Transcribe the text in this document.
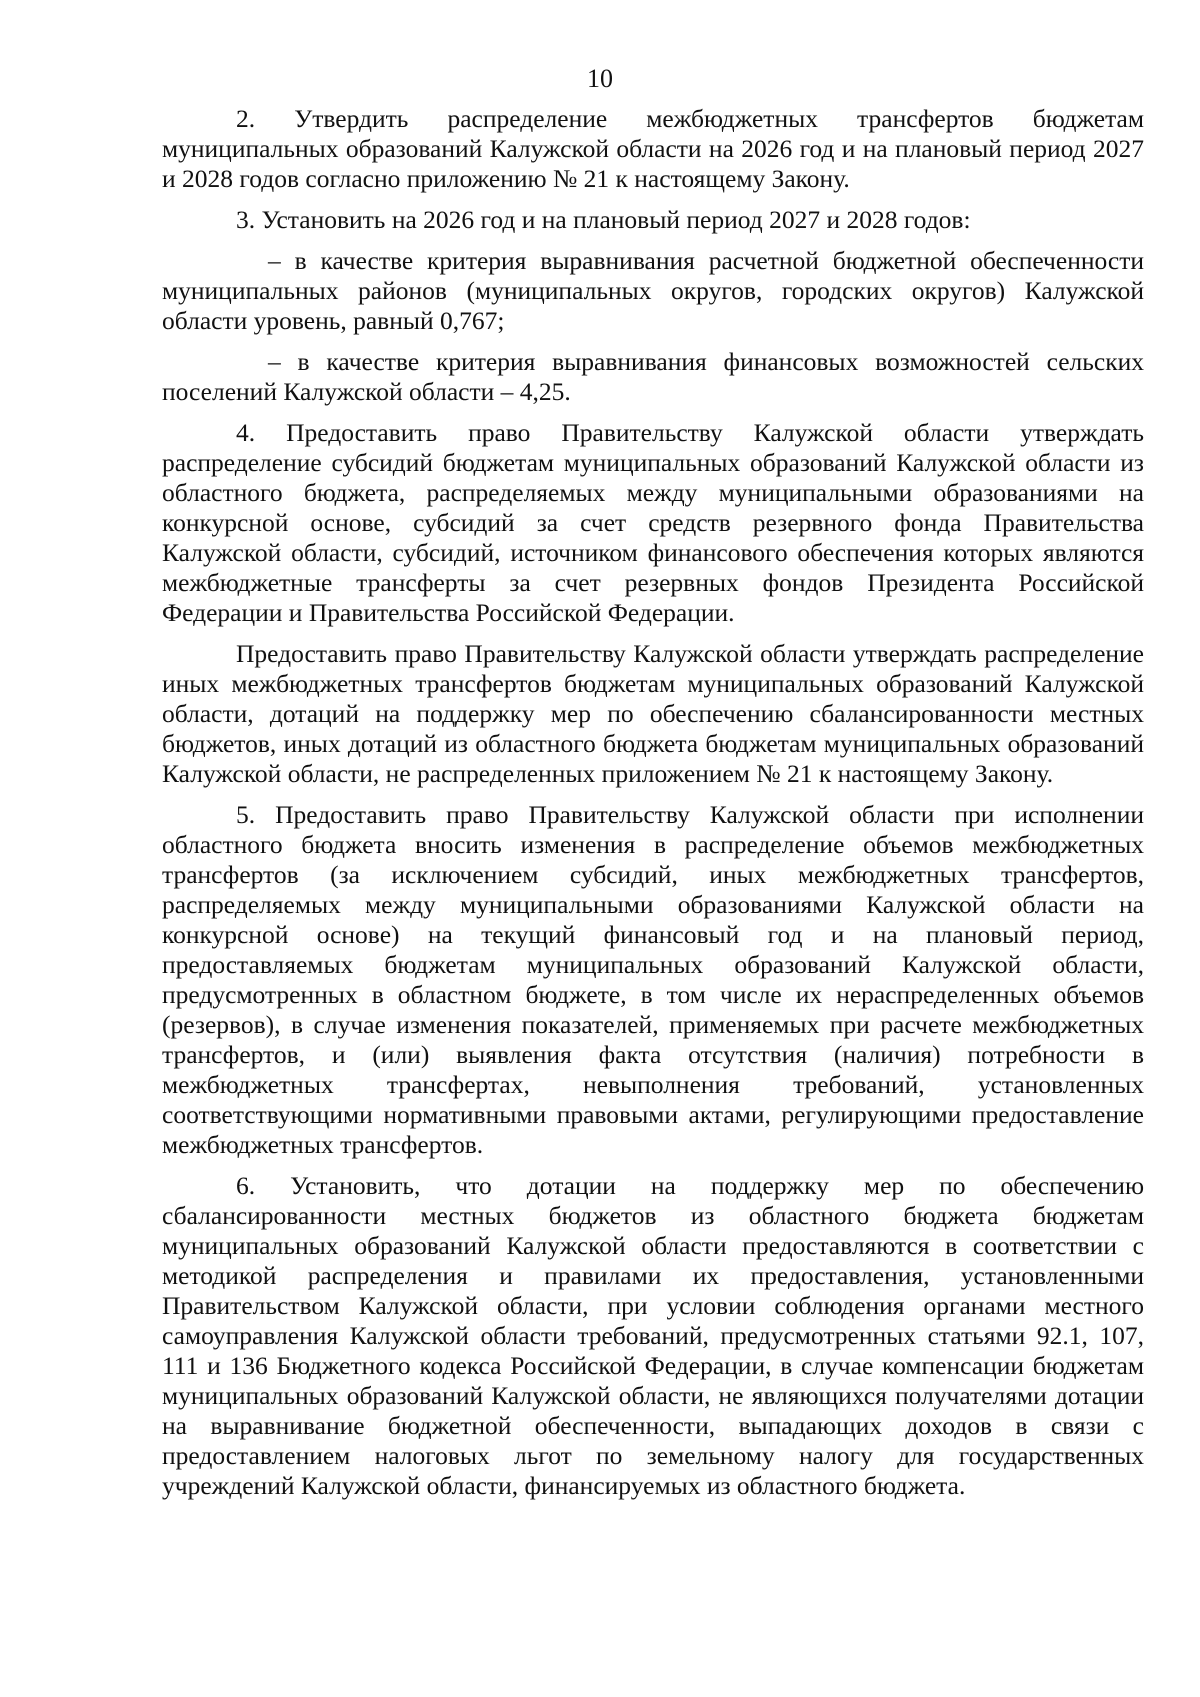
10

2. Утвердить распределение межбюджетных трансфертов бюджетам муниципальных образований Калужской области на 2026 год и на плановый период 2027 и 2028 годов согласно приложению № 21 к настоящему Закону.

3. Установить на 2026 год и на плановый период 2027 и 2028 годов:

– в качестве критерия выравнивания расчетной бюджетной обеспеченности муниципальных районов (муниципальных округов, городских округов) Калужской области уровень, равный 0,767;

– в качестве критерия выравнивания финансовых возможностей сельских поселений Калужской области – 4,25.

4. Предоставить право Правительству Калужской области утверждать распределение субсидий бюджетам муниципальных образований Калужской области из областного бюджета, распределяемых между муниципальными образованиями на конкурсной основе, субсидий за счет средств резервного фонда Правительства Калужской области, субсидий, источником финансового обеспечения которых являются межбюджетные трансферты за счет резервных фондов Президента Российской Федерации и Правительства Российской Федерации.

Предоставить право Правительству Калужской области утверждать распределение иных межбюджетных трансфертов бюджетам муниципальных образований Калужской области, дотаций на поддержку мер по обеспечению сбалансированности местных бюджетов, иных дотаций из областного бюджета бюджетам муниципальных образований Калужской области, не распределенных приложением № 21 к настоящему Закону.

5. Предоставить право Правительству Калужской области при исполнении областного бюджета вносить изменения в распределение объемов межбюджетных трансфертов (за исключением субсидий, иных межбюджетных трансфертов, распределяемых между муниципальными образованиями Калужской области на конкурсной основе) на текущий финансовый год и на плановый период, предоставляемых бюджетам муниципальных образований Калужской области, предусмотренных в областном бюджете, в том числе их нераспределенных объемов (резервов), в случае изменения показателей, применяемых при расчете межбюджетных трансфертов, и (или) выявления факта отсутствия (наличия) потребности в межбюджетных трансфертах, невыполнения требований, установленных соответствующими нормативными правовыми актами, регулирующими предоставление межбюджетных трансфертов.

6. Установить, что дотации на поддержку мер по обеспечению сбалансированности местных бюджетов из областного бюджета бюджетам муниципальных образований Калужской области предоставляются в соответствии с методикой распределения и правилами их предоставления, установленными Правительством Калужской области, при условии соблюдения органами местного самоуправления Калужской области требований, предусмотренных статьями 92.1, 107, 111 и 136 Бюджетного кодекса Российской Федерации, в случае компенсации бюджетам муниципальных образований Калужской области, не являющихся получателями дотации на выравнивание бюджетной обеспеченности, выпадающих доходов в связи с предоставлением налоговых льгот по земельному налогу для государственных учреждений Калужской области, финансируемых из областного бюджета.
